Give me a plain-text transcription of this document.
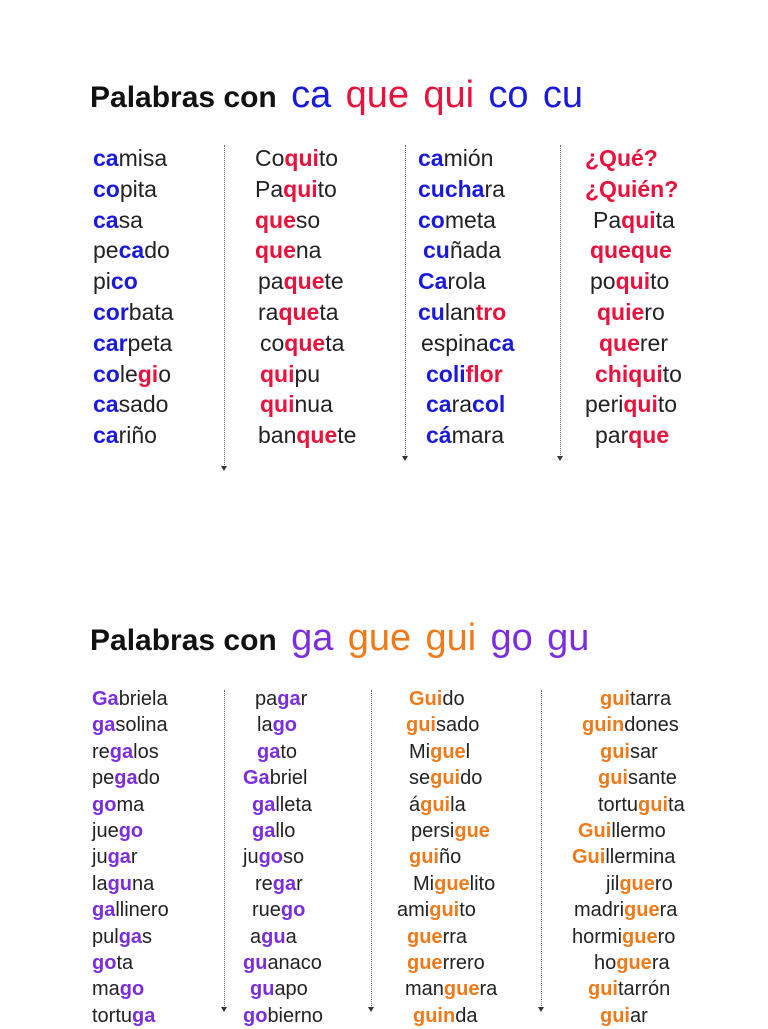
Palabras con ca que qui co cu
camisa
copita
casa
pecado
pico
corbata
carpeta
colegio
casado
cariño
Coquito
Paquito
queso
quena
paquete
raqueta
coqueta
quipu
quinua
banquete
camión
cuchara
cometa
cuñada
Carola
culantro
espinaca
coliflor
caracol
cámara
¿Qué?
¿Quién?
Paquita
queque
poquito
quiero
querer
chiquito
periquito
parque
Palabras con ga gue gui go gu
Gabriela
gasolina
regalos
pegado
goma
juego
jugar
laguna
gallinero
pulgas
gota
mago
tortuga
pagar
lago
gato
Gabriel
galleta
gallo
jugoso
regar
ruego
agua
guanaco
guapo
gobierno
Guido
guisado
Miguel
seguido
águila
persigue
guiño
Miguelito
amiguito
guerra
guerrero
manguera
guinda
guitarra
guindones
guisar
guisante
tortuguita
Guillermo
Guillermina
jilguero
madriguera
hormiguero
hoguera
guitarrón
guiar
